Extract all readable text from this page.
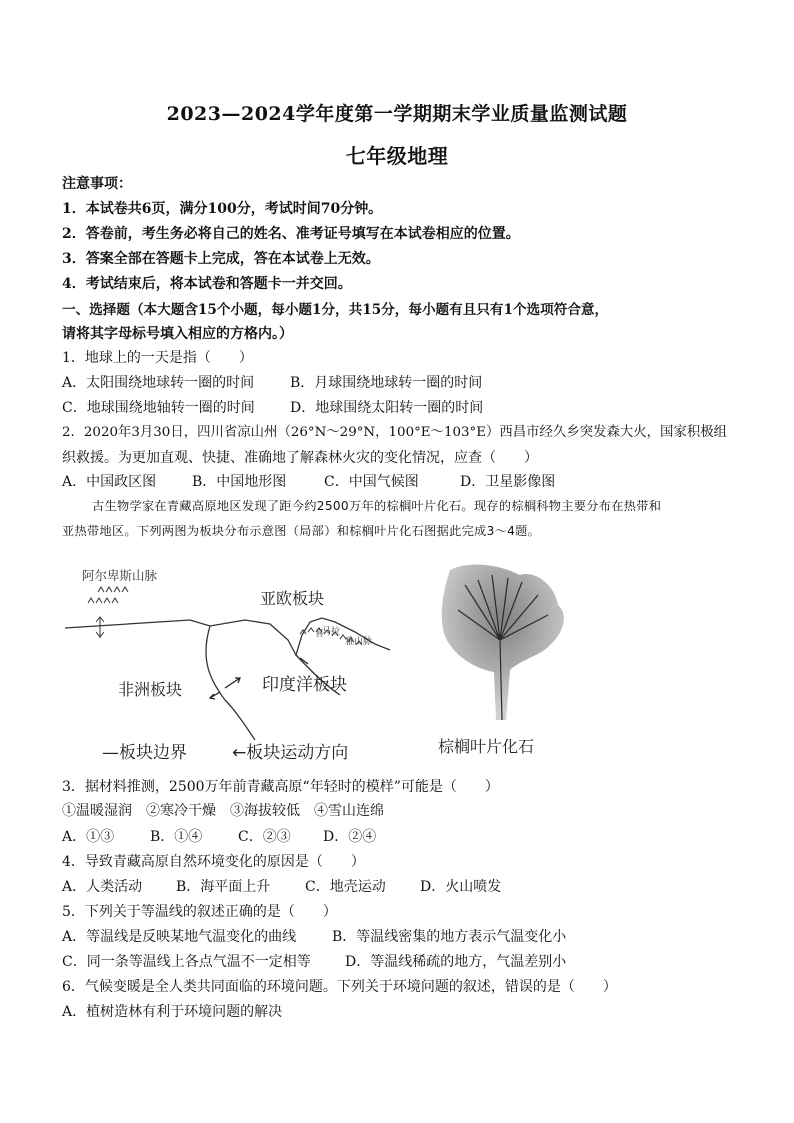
2023—2024学年度第一学期期末学业质量监测试题
七年级地理
注意事项：
1．本试卷共6页，满分100分，考试时间70分钟。
2．答卷前，考生务必将自己的姓名、准考证号填写在本试卷相应的位置。
3．答案全部在答题卡上完成，答在本试卷上无效。
4．考试结束后，将本试卷和答题卡一并交回。
一、选择题（本大题含15个小题，每小题1分，共15分，每小题有且只有1个选项符合意，
请将其字母标号填入相应的方格内。）
1．地球上的一天是指（　　）
A．太阳围绕地球转一圈的时间	B．月球围绕地球转一圈的时间
C．地球围绕地轴转一圈的时间	D．地球围绕太阳转一圈的时间
2．2020年3月30日，四川省凉山州（26°N～29°N，100°E～103°E）西昌市经久乡突发森大火，国家积极组
织救援。为更加直观、快捷、准确地了解森林火灾的变化情况，应查（　　）
A．中国政区图	B．中国地形图	C．中国气候图	D．卫星影像图
古生物学家在青藏高原地区发现了距今约2500万年的棕榈叶片化石。现存的棕榈科物主要分布在热带和
亚热带地区。下列两图为板块分布示意图（局部）和棕榈叶片化石图据此完成3～4题。
阿尔卑斯山脉
亚欧板块
喜
马拉
雅山脉
非洲板块	印度洋板块
—板块边界	←板块运动方向	棕榈叶片化石
3．据材料推测，2500万年前青藏高原“年轻时的模样”可能是（　　）
①温暖湿润　②寒冷干燥　③海拔较低　④雪山连绵
A．①③	B．①④	C．②③ D．②④
4．导致青藏高原自然环境变化的原因是（　　）
A．人类活动 B．海平面上升 C．地壳运动 D．火山喷发
5．下列关于等温线的叙述正确的是（　　）
A．等温线是反映某地气温变化的曲线	B．等温线密集的地方表示气温变化小
C．同一条等温线上各点气温不一定相等 D．等温线稀疏的地方，气温差别小
6．气候变暖是全人类共同面临的环境问题。下列关于环境问题的叙述，错误的是（　　）
A．植树造林有利于环境问题的解决
